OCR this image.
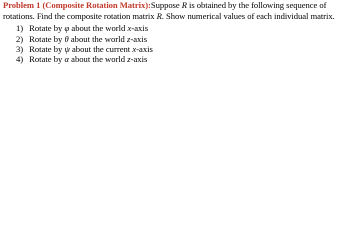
Problem 1 (Composite Rotation Matrix):Suppose R is obtained by the following sequence of rotations. Find the composite rotation matrix R. Show numerical values of each individual matrix.

1) Rotate by φ about the world x-axis
2) Rotate by θ about the world z-axis
3) Rotate by ψ about the current x-axis
4) Rotate by α about the world z-axis
